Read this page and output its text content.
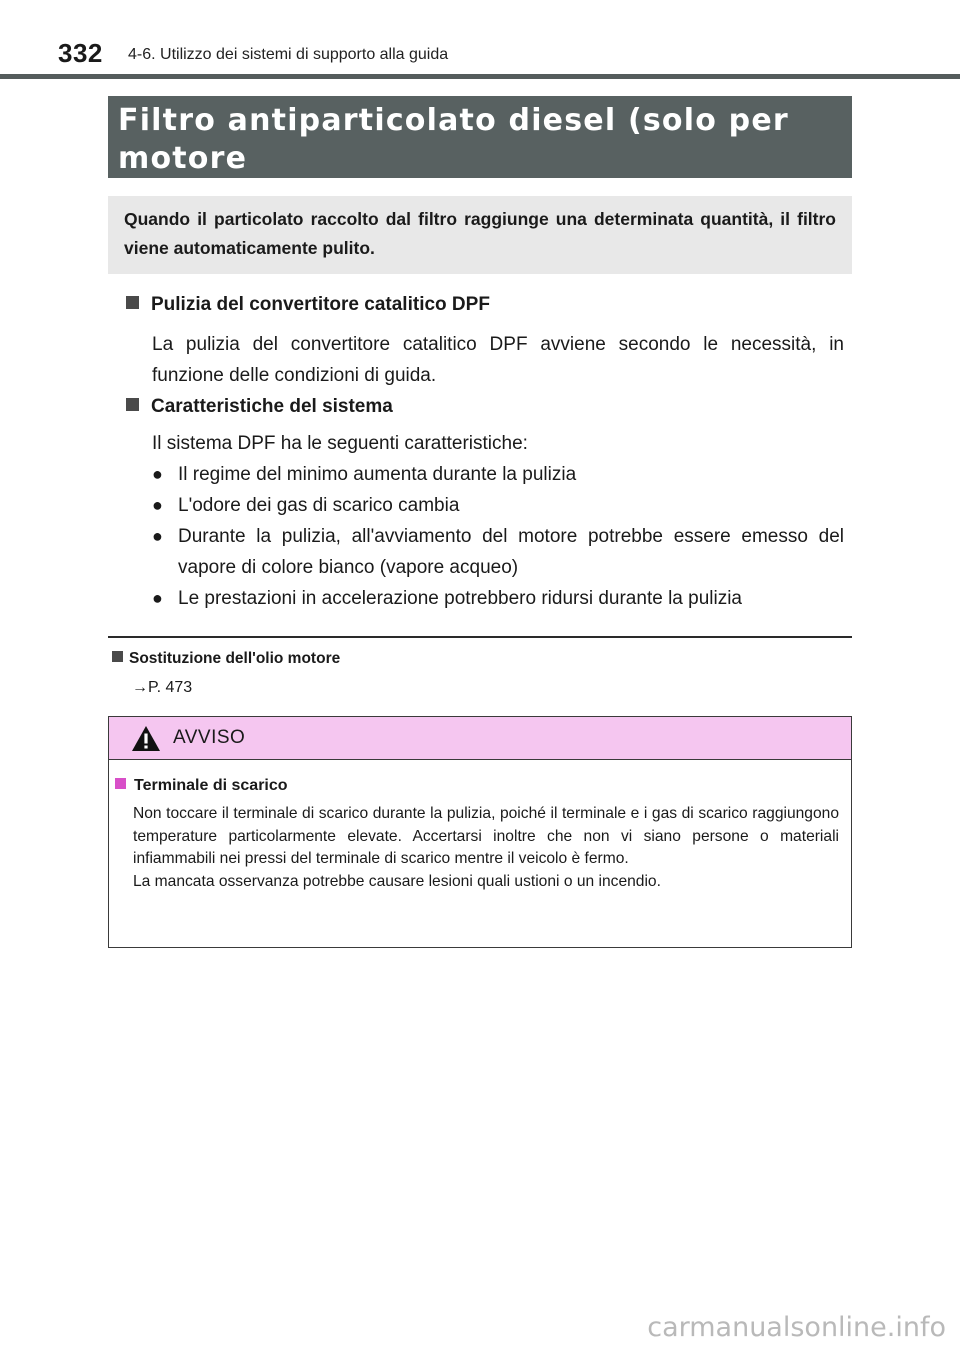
332 4-6. Utilizzo dei sistemi di supporto alla guida
Filtro antiparticolato diesel (solo per motore

Quando il particolato raccolto dal filtro raggiunge una determinata quantità, il filtro viene automaticamente pulito.

Pulizia del convertitore catalitico DPF
La pulizia del convertitore catalitico DPF avviene secondo le necessità, in funzione delle condizioni di guida.
Caratteristiche del sistema
Il sistema DPF ha le seguenti caratteristiche:
● Il regime del minimo aumenta durante la pulizia
● L'odore dei gas di scarico cambia
● Durante la pulizia, all'avviamento del motore potrebbe essere emesso del vapore di colore bianco (vapore acqueo)
● Le prestazioni in accelerazione potrebbero ridursi durante la pulizia
Sostituzione dell'olio motore
→P. 473
AVVISO
Terminale di scarico
Non toccare il terminale di scarico durante la pulizia, poiché il terminale e i gas di scarico raggiungono temperature particolarmente elevate. Accertarsi inoltre che non vi siano persone o materiali infiammabili nei pressi del terminale di scarico mentre il veicolo è fermo.
La mancata osservanza potrebbe causare lesioni quali ustioni o un incendio.
carmanualsonline.info
